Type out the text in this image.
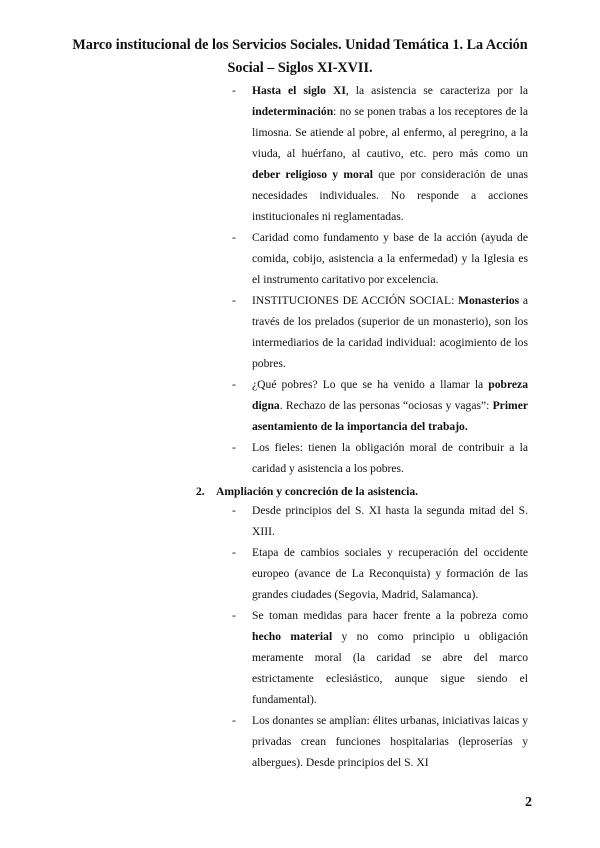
Marco institucional de los Servicios Sociales. Unidad Temática 1. La Acción
Social – Siglos XI-XVII.
- Hasta el siglo XI, la asistencia se caracteriza por la indeterminación: no se ponen trabas a los receptores de la limosna. Se atiende al pobre, al enfermo, al peregrino, a la viuda, al huérfano, al cautivo, etc. pero más como un deber religioso y moral que por consideración de unas necesidades individuales. No responde a acciones institucionales ni reglamentadas.
- Caridad como fundamento y base de la acción (ayuda de comida, cobijo, asistencia a la enfermedad) y la Iglesia es el instrumento caritativo por excelencia.
- INSTITUCIONES DE ACCIÓN SOCIAL: Monasterios a través de los prelados (superior de un monasterio), son los intermediarios de la caridad individual: acogimiento de los pobres.
- ¿Qué pobres? Lo que se ha venido a llamar la pobreza digna. Rechazo de las personas “ociosas y vagas”: Primer asentamiento de la importancia del trabajo.
- Los fieles: tienen la obligación moral de contribuir a la caridad y asistencia a los pobres.
2. Ampliación y concreción de la asistencia.
- Desde principios del S. XI hasta la segunda mitad del S. XIII.
- Etapa de cambios sociales y recuperación del occidente europeo (avance de La Reconquista) y formación de las grandes ciudades (Segovia, Madrid, Salamanca).
- Se toman medidas para hacer frente a la pobreza como hecho material y no como principio u obligación meramente moral (la caridad se abre del marco estrictamente eclesiástico, aunque sigue siendo el fundamental).
- Los donantes se amplían: élites urbanas, iniciativas laicas y privadas crean funciones hospitalarias (leproserías y albergues). Desde principios del S. XI
2
